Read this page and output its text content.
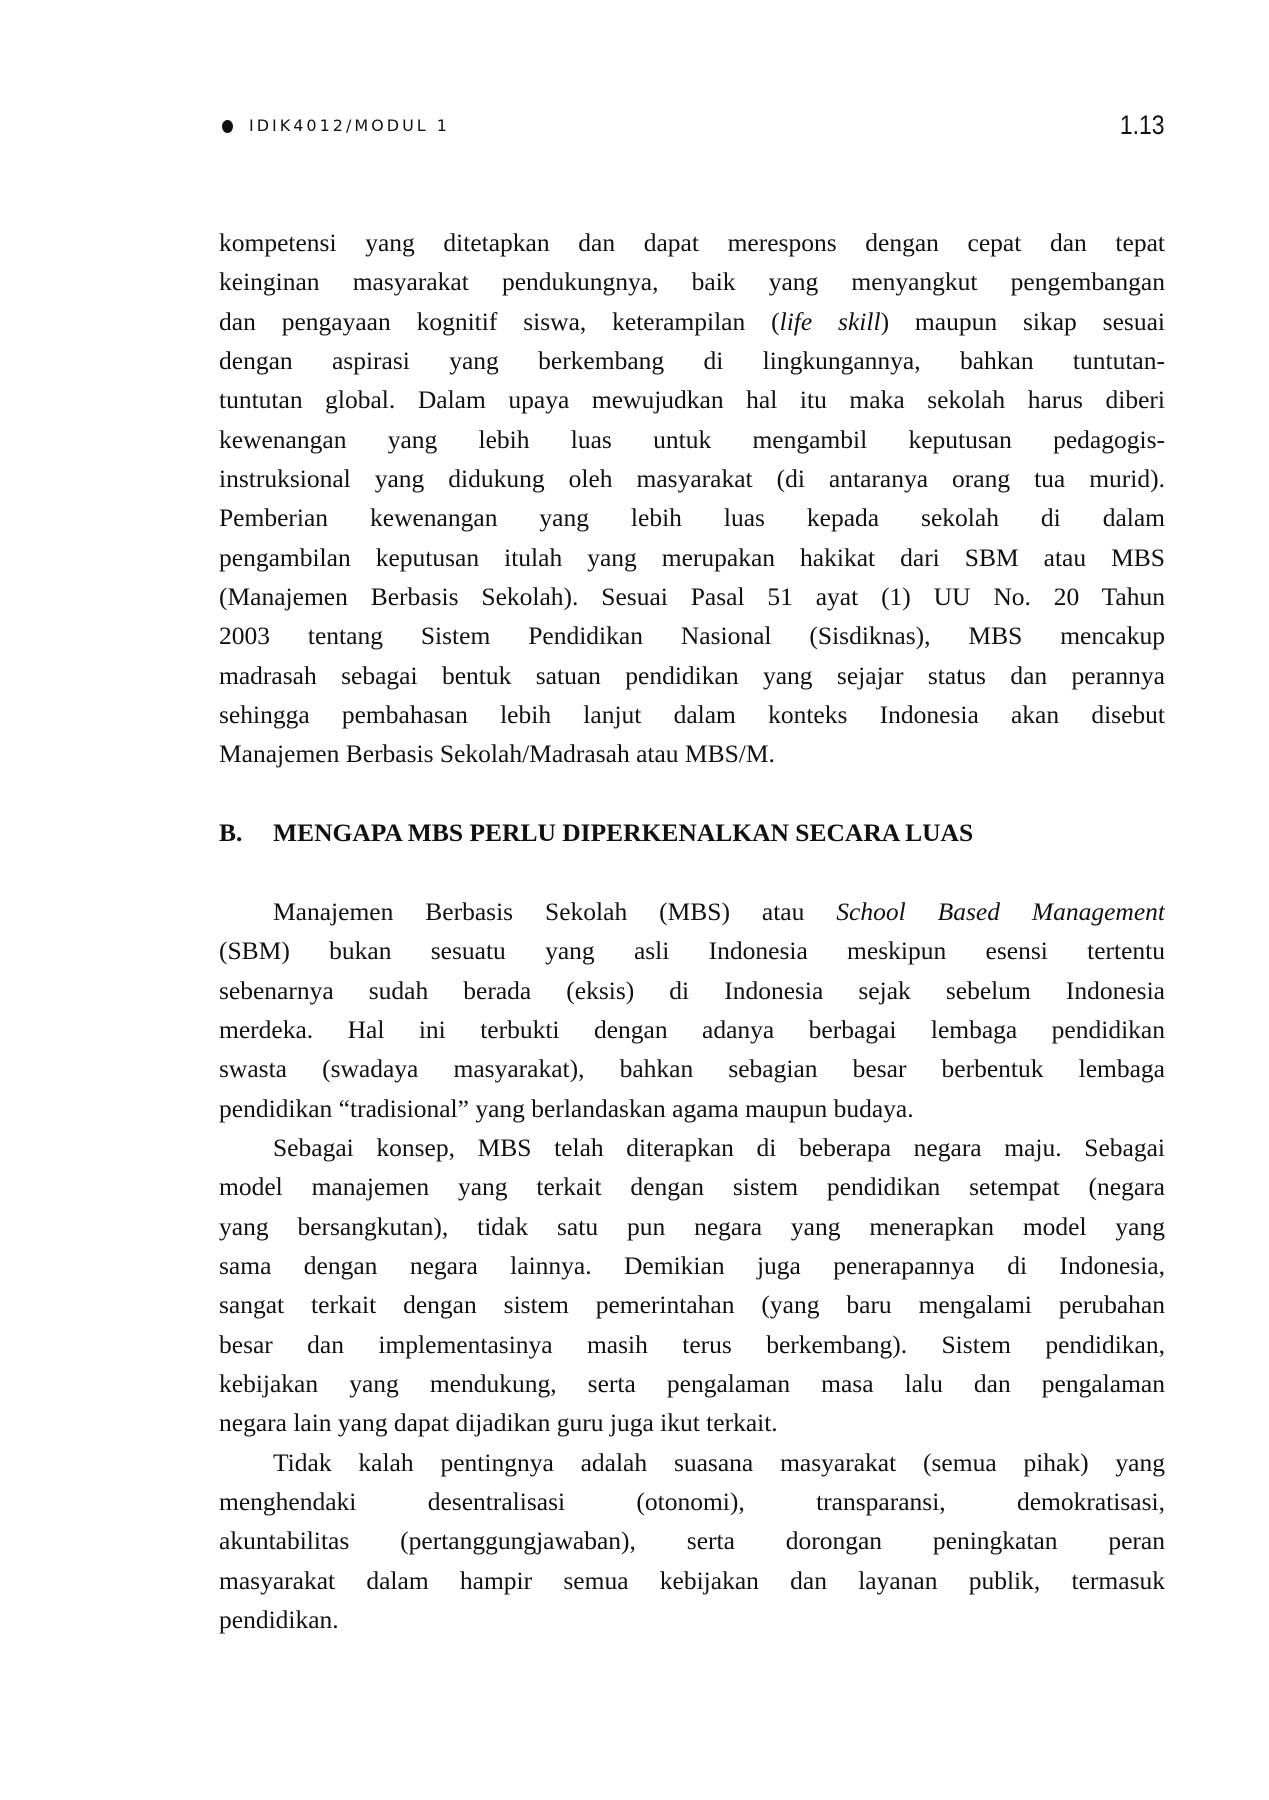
IDIK4012/MODUL 1	1.13
kompetensi yang ditetapkan dan dapat merespons dengan cepat dan tepat
keinginan masyarakat pendukungnya, baik yang menyangkut pengembangan
dan pengayaan kognitif siswa, keterampilan (life skill) maupun sikap sesuai
dengan aspirasi yang berkembang di lingkungannya, bahkan tuntutan-
tuntutan global. Dalam upaya mewujudkan hal itu maka sekolah harus diberi
kewenangan yang lebih luas untuk mengambil keputusan pedagogis-
instruksional yang didukung oleh masyarakat (di antaranya orang tua murid).
Pemberian kewenangan yang lebih luas kepada sekolah di dalam
pengambilan keputusan itulah yang merupakan hakikat dari SBM atau MBS
(Manajemen Berbasis Sekolah). Sesuai Pasal 51 ayat (1) UU No. 20 Tahun
2003 tentang Sistem Pendidikan Nasional (Sisdiknas), MBS mencakup
madrasah sebagai bentuk satuan pendidikan yang sejajar status dan perannya
sehingga pembahasan lebih lanjut dalam konteks Indonesia akan disebut
Manajemen Berbasis Sekolah/Madrasah atau MBS/M.
B. MENGAPA MBS PERLU DIPERKENALKAN SECARA LUAS
Manajemen Berbasis Sekolah (MBS) atau School Based Management
(SBM) bukan sesuatu yang asli Indonesia meskipun esensi tertentu
sebenarnya sudah berada (eksis) di Indonesia sejak sebelum Indonesia
merdeka. Hal ini terbukti dengan adanya berbagai lembaga pendidikan
swasta (swadaya masyarakat), bahkan sebagian besar berbentuk lembaga
pendidikan “tradisional” yang berlandaskan agama maupun budaya.
Sebagai konsep, MBS telah diterapkan di beberapa negara maju. Sebagai
model manajemen yang terkait dengan sistem pendidikan setempat (negara
yang bersangkutan), tidak satu pun negara yang menerapkan model yang
sama dengan negara lainnya. Demikian juga penerapannya di Indonesia,
sangat terkait dengan sistem pemerintahan (yang baru mengalami perubahan
besar dan implementasinya masih terus berkembang). Sistem pendidikan,
kebijakan yang mendukung, serta pengalaman masa lalu dan pengalaman
negara lain yang dapat dijadikan guru juga ikut terkait.
Tidak kalah pentingnya adalah suasana masyarakat (semua pihak) yang
menghendaki desentralisasi (otonomi), transparansi, demokratisasi,
akuntabilitas (pertanggungjawaban), serta dorongan peningkatan peran
masyarakat dalam hampir semua kebijakan dan layanan publik, termasuk
pendidikan.
